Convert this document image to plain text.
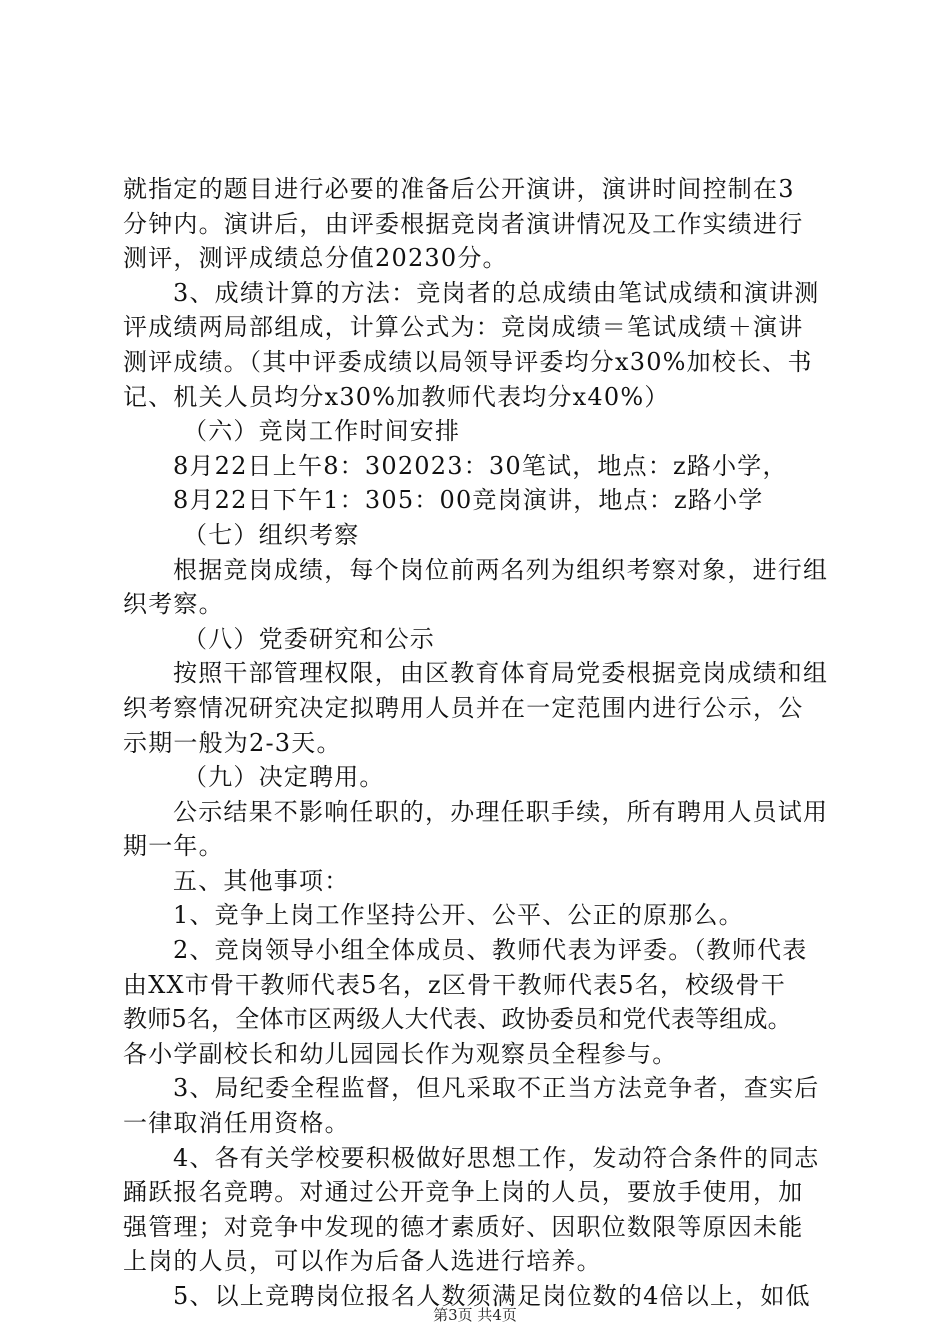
就指定的题目进行必要的准备后公开演讲，演讲时间控制在3
分钟内。演讲后，由评委根据竞岗者演讲情况及工作实绩进行
测评，测评成绩总分值20230分。
3、成绩计算的方法：竞岗者的总成绩由笔试成绩和演讲测
评成绩两局部组成，计算公式为：竞岗成绩＝笔试成绩＋演讲
测评成绩。（其中评委成绩以局领导评委均分x30%加校长、书
记、机关人员均分x30%加教师代表均分x40%）
（六）竞岗工作时间安排
8月22日上午8：302023：30笔试，地点：z路小学，
8月22日下午1：305：00竞岗演讲，地点：z路小学
（七）组织考察
根据竞岗成绩，每个岗位前两名列为组织考察对象，进行组
织考察。
（八）党委研究和公示
按照干部管理权限，由区教育体育局党委根据竞岗成绩和组
织考察情况研究决定拟聘用人员并在一定范围内进行公示，公
示期一般为2-3天。
（九）决定聘用。
公示结果不影响任职的，办理任职手续，所有聘用人员试用
期一年。
五、其他事项：
1、竞争上岗工作坚持公开、公平、公正的原那么。
2、竞岗领导小组全体成员、教师代表为评委。（教师代表
由XX市骨干教师代表5名，z区骨干教师代表5名，校级骨干
教师5名，全体市区两级人大代表、政协委员和党代表等组成。
各小学副校长和幼儿园园长作为观察员全程参与。
3、局纪委全程监督，但凡采取不正当方法竞争者，查实后
一律取消任用资格。
4、各有关学校要积极做好思想工作，发动符合条件的同志
踊跃报名竞聘。对通过公开竞争上岗的人员，要放手使用，加
强管理；对竞争中发现的德才素质好、因职位数限等原因未能
上岗的人员，可以作为后备人选进行培养。
5、以上竞聘岗位报名人数须满足岗位数的4倍以上，如低
第3页 共4页
